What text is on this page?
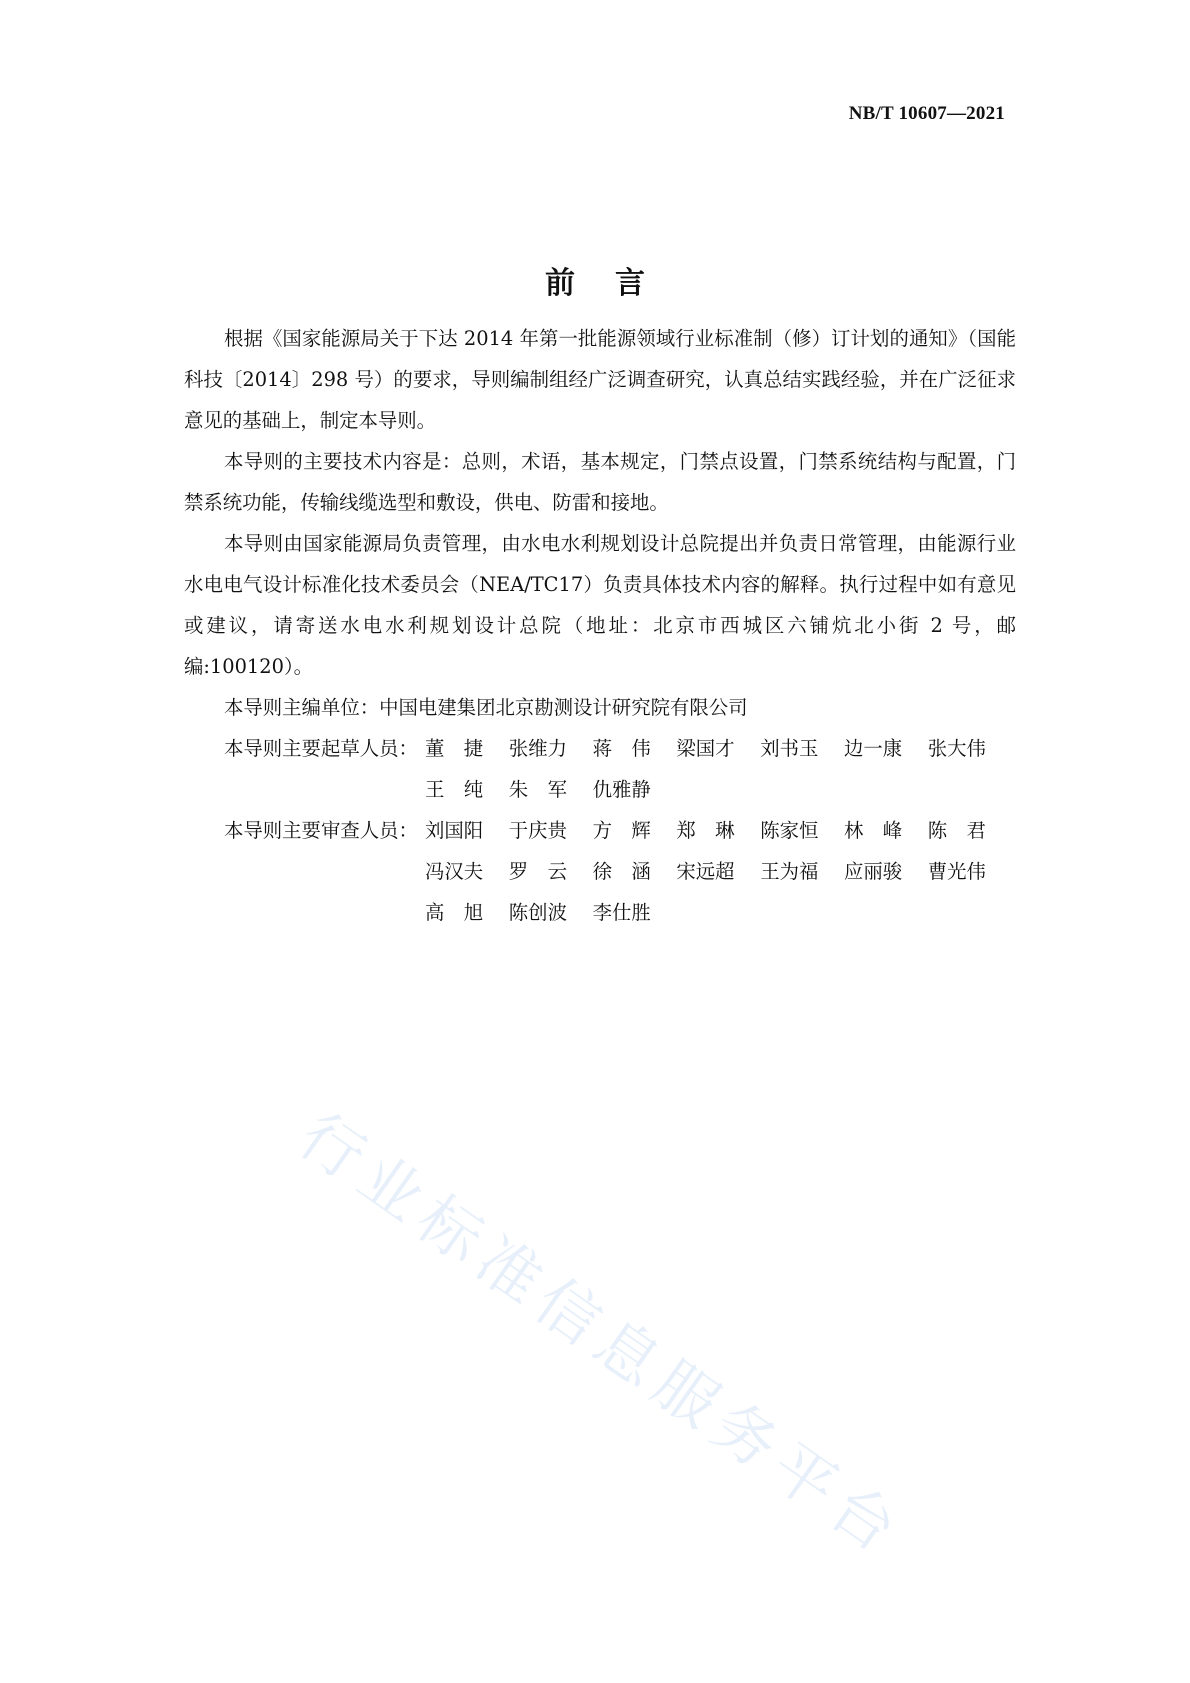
NB/T 10607—2021
前言

根据《国家能源局关于下达 2014 年第一批能源领域行业标准制（修）订计划的通知》（国能科技〔2014〕298 号）的要求，导则编制组经广泛调查研究，认真总结实践经验，并在广泛征求意见的基础上，制定本导则。

本导则的主要技术内容是：总则，术语，基本规定，门禁点设置，门禁系统结构与配置，门禁系统功能，传输线缆选型和敷设，供电、防雷和接地。

本导则由国家能源局负责管理，由水电水利规划设计总院提出并负责日常管理，由能源行业水电电气设计标准化技术委员会（NEA/TC17）负责具体技术内容的解释。执行过程中如有意见或建议，请寄送水电水利规划设计总院（地址：北京市西城区六铺炕北小街 2 号，邮编:100120）。

本导则主编单位：中国电建集团北京勘测设计研究院有限公司

本导则主要起草人员： 董　捷	张维力	蒋　伟	梁国才	刘书玉	边一康	张大伟
王　纯	朱　军	仇雅静
本导则主要审查人员： 刘国阳	于庆贵	方　辉	郑　琳	陈家恒	林　峰	陈　君
冯汉夫	罗　云	徐　涵	宋远超	王为福	应丽骏	曹光伟
高　旭	陈创波	李仕胜
行业标准信息服务平台
